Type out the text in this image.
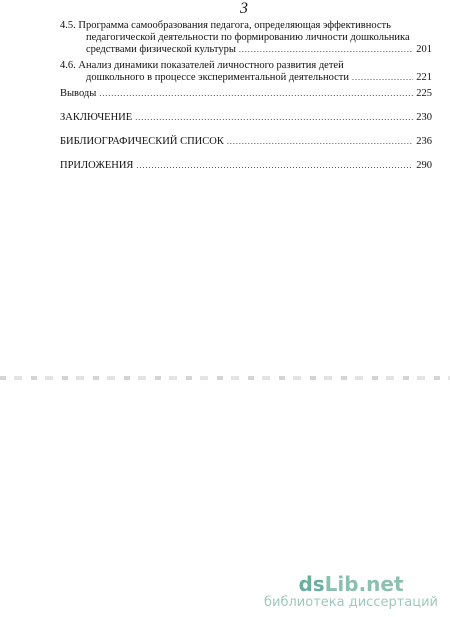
3
4.5. Программа самообразования педагога, определяющая эффективность
педагогической деятельности по формированию личности дошкольника
средствами физической культуры .....	201
4.6. Анализ динамики показателей личностного развития детей
дошкольного в процессе экспериментальной деятельности .....	221
Выводы .....	225
ЗАКЛЮЧЕНИЕ .....	230
БИБЛИОГРАФИЧЕСКИЙ СПИСОК .....	236
ПРИЛОЖЕНИЯ .....	290
dsLib.net
библиотека диссертаций
